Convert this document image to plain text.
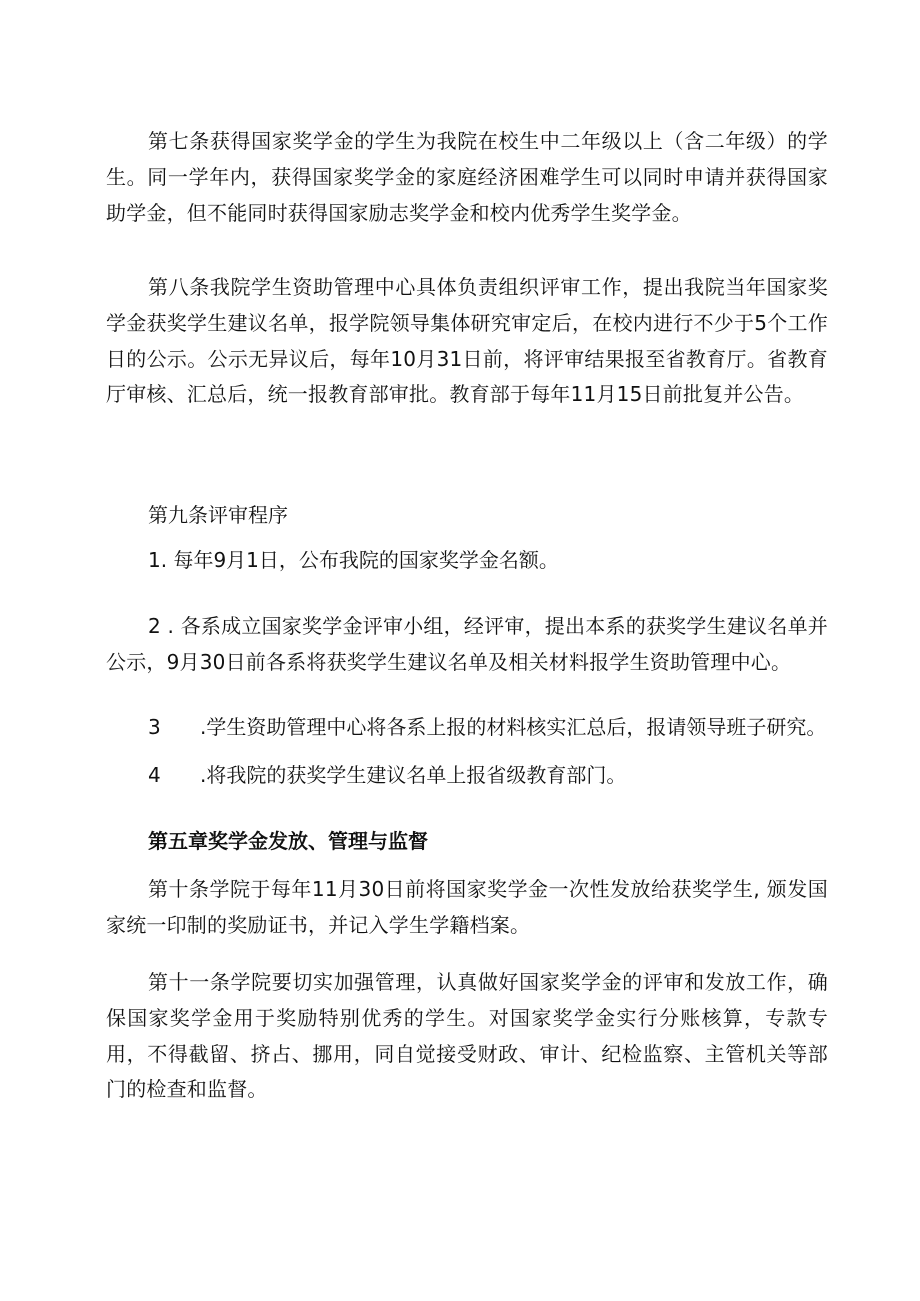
第七条获得国家奖学金的学生为我院在校生中二年级以上（含二年级）的学生。同一学年内，获得国家奖学金的家庭经济困难学生可以同时申请并获得国家助学金，但不能同时获得国家励志奖学金和校内优秀学生奖学金。

第八条我院学生资助管理中心具体负责组织评审工作，提出我院当年国家奖学金获奖学生建议名单，报学院领导集体研究审定后，在校内进行不少于5个工作日的公示。公示无异议后，每年10月31日前，将评审结果报至省教育厅。省教育厅审核、汇总后，统一报教育部审批。教育部于每年11月15日前批复并公告。

第九条评审程序

1. 每年9月1日，公布我院的国家奖学金名额。

2 . 各系成立国家奖学金评审小组，经评审，提出本系的获奖学生建议名单并公示，9月30日前各系将获奖学生建议名单及相关材料报学生资助管理中心。

3 .学生资助管理中心将各系上报的材料核实汇总后，报请领导班子研究。

4 .将我院的获奖学生建议名单上报省级教育部门。

第五章奖学金发放、管理与监督

第十条学院于每年11月30日前将国家奖学金一次性发放给获奖学生, 颁发国家统一印制的奖励证书，并记入学生学籍档案。

第十一条学院要切实加强管理，认真做好国家奖学金的评审和发放工作，确保国家奖学金用于奖励特别优秀的学生。对国家奖学金实行分账核算，专款专用，不得截留、挤占、挪用，同自觉接受财政、审计、纪检监察、主管机关等部门的检查和监督。
